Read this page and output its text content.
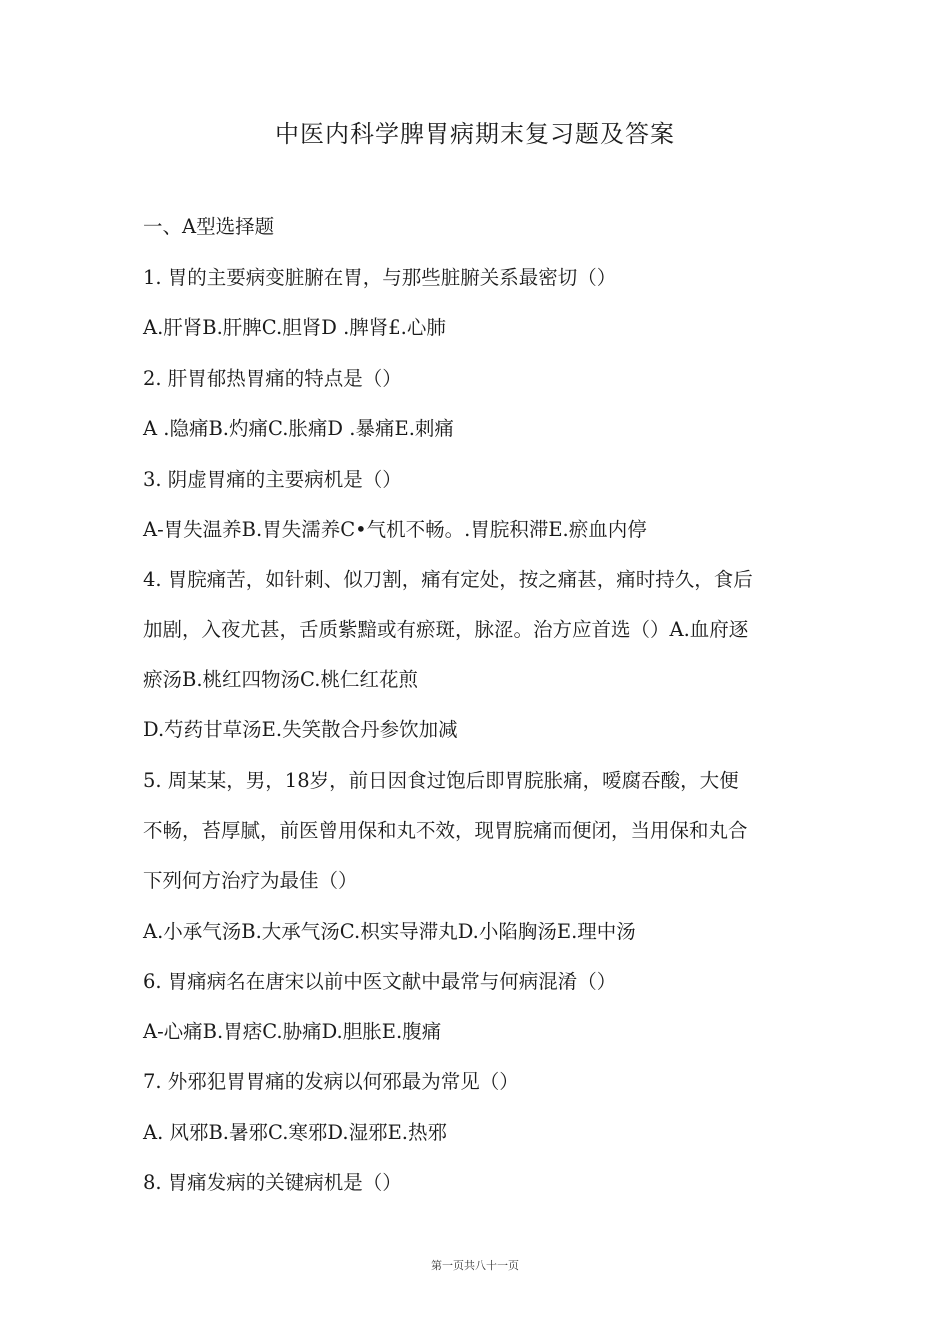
中医内科学脾胃病期末复习题及答案
一、A型选择题
1. 胃的主要病变脏腑在胃，与那些脏腑关系最密切（）
A.肝肾B.肝脾C.胆肾D .脾肾£.心肺
2. 肝胃郁热胃痛的特点是（）
A .隐痛B.灼痛C.胀痛D .暴痛E.刺痛
3. 阴虚胃痛的主要病机是（）
A-胃失温养B.胃失濡养C•气机不畅。.胃脘积滞E.瘀血内停
4. 胃脘痛苦，如针刺、似刀割，痛有定处，按之痛甚，痛时持久，食后
加剧，入夜尤甚，舌质紫黯或有瘀斑，脉涩。治方应首选（）A.血府逐
瘀汤B.桃红四物汤C.桃仁红花煎
D.芍药甘草汤E.失笑散合丹参饮加减
5. 周某某，男，18岁，前日因食过饱后即胃脘胀痛，嗳腐吞酸，大便
不畅，苔厚腻，前医曾用保和丸不效，现胃脘痛而便闭，当用保和丸合
下列何方治疗为最佳（）
A.小承气汤B.大承气汤C.枳实导滞丸D.小陷胸汤E.理中汤
6. 胃痛病名在唐宋以前中医文献中最常与何病混淆（）
A-心痛B.胃痞C.胁痛D.胆胀E.腹痛
7. 外邪犯胃胃痛的发病以何邪最为常见（）
A. 风邪B.暑邪C.寒邪D.湿邪E.热邪
8. 胃痛发病的关键病机是（）
第一页共八十一页
